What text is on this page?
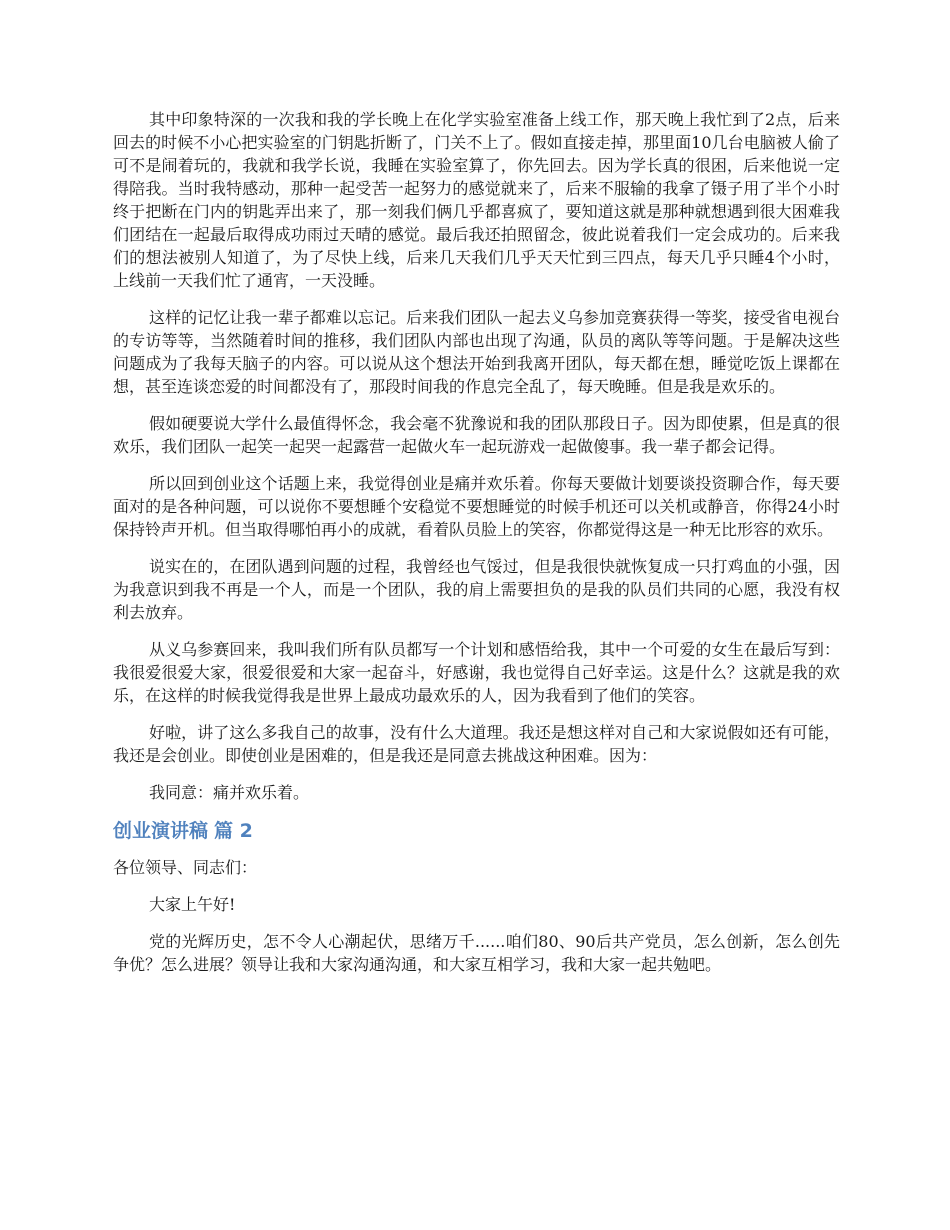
其中印象特深的一次我和我的学长晚上在化学实验室准备上线工作，那天晚上我忙到了2点，后来回去的时候不小心把实验室的门钥匙折断了，门关不上了。假如直接走掉，那里面10几台电脑被人偷了可不是闹着玩的，我就和我学长说，我睡在实验室算了，你先回去。因为学长真的很困，后来他说一定得陪我。当时我特感动，那种一起受苦一起努力的感觉就来了，后来不服输的我拿了镊子用了半个小时终于把断在门内的钥匙弄出来了，那一刻我们俩几乎都喜疯了，要知道这就是那种就想遇到很大困难我们团结在一起最后取得成功雨过天晴的感觉。最后我还拍照留念，彼此说着我们一定会成功的。后来我们的想法被别人知道了，为了尽快上线，后来几天我们几乎天天忙到三四点，每天几乎只睡4个小时，上线前一天我们忙了通宵，一天没睡。

这样的记忆让我一辈子都难以忘记。后来我们团队一起去义乌参加竞赛获得一等奖，接受省电视台的专访等等，当然随着时间的推移，我们团队内部也出现了沟通，队员的离队等等问题。于是解决这些问题成为了我每天脑子的内容。可以说从这个想法开始到我离开团队，每天都在想，睡觉吃饭上课都在想，甚至连谈恋爱的时间都没有了，那段时间我的作息完全乱了，每天晚睡。但是我是欢乐的。

假如硬要说大学什么最值得怀念，我会毫不犹豫说和我的团队那段日子。因为即使累，但是真的很欢乐，我们团队一起笑一起哭一起露营一起做火车一起玩游戏一起做傻事。我一辈子都会记得。

所以回到创业这个话题上来，我觉得创业是痛并欢乐着。你每天要做计划要谈投资聊合作，每天要面对的是各种问题，可以说你不要想睡个安稳觉不要想睡觉的时候手机还可以关机或静音，你得24小时保持铃声开机。但当取得哪怕再小的成就，看着队员脸上的笑容，你都觉得这是一种无比形容的欢乐。

说实在的，在团队遇到问题的过程，我曾经也气馁过，但是我很快就恢复成一只打鸡血的小强，因为我意识到我不再是一个人，而是一个团队，我的肩上需要担负的是我的队员们共同的心愿，我没有权利去放弃。

从义乌参赛回来，我叫我们所有队员都写一个计划和感悟给我，其中一个可爱的女生在最后写到：我很爱很爱大家，很爱很爱和大家一起奋斗，好感谢，我也觉得自己好幸运。这是什么？这就是我的欢乐，在这样的时候我觉得我是世界上最成功最欢乐的人，因为我看到了他们的笑容。

好啦，讲了这么多我自己的故事，没有什么大道理。我还是想这样对自己和大家说假如还有可能，我还是会创业。即使创业是困难的，但是我还是同意去挑战这种困难。因为：

我同意：痛并欢乐着。

创业演讲稿 篇 2

各位领导、同志们：

大家上午好!

党的光辉历史，怎不令人心潮起伏，思绪万千......咱们80、90后共产党员，怎么创新，怎么创先争优？怎么进展？领导让我和大家沟通沟通，和大家互相学习，我和大家一起共勉吧。
